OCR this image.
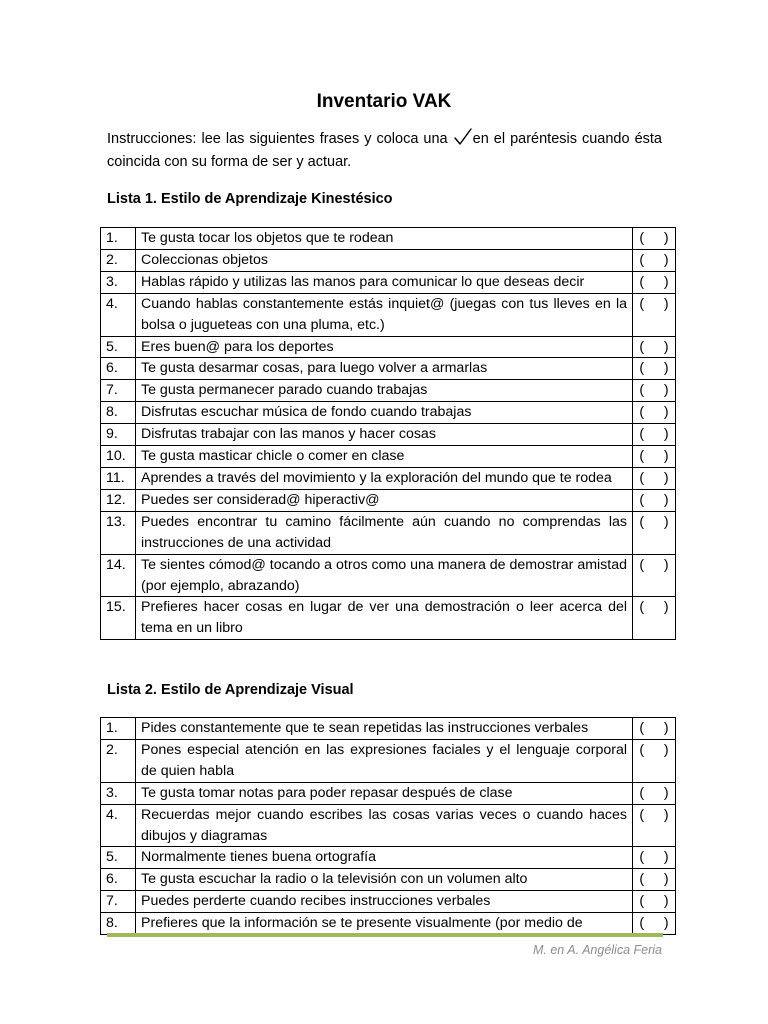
Inventario VAK
Instrucciones: lee las siguientes frases y coloca una en el paréntesis cuando ésta coincida con su forma de ser y actuar.
Lista 1. Estilo de Aprendizaje Kinestésico
1.	Te gusta tocar los objetos que te rodean	(     )
2.	Coleccionas objetos	(     )
3.	Hablas rápido y utilizas las manos para comunicar lo que deseas decir	(     )
4.	Cuando hablas constantemente estás inquiet@ (juegas con tus lleves en la bolsa o jugueteas con una pluma, etc.)	(     )
5.	Eres buen@ para los deportes	(     )
6.	Te gusta desarmar cosas, para luego volver a armarlas	(     )
7.	Te gusta permanecer parado cuando trabajas	(     )
8.	Disfrutas escuchar música de fondo cuando trabajas	(     )
9.	Disfrutas trabajar con las manos y hacer cosas	(     )
10.	Te gusta masticar chicle o comer en clase	(     )
11.	Aprendes a través del movimiento y la exploración del mundo que te rodea	(     )
12.	Puedes ser considerad@ hiperactiv@	(     )
13.	Puedes encontrar tu camino fácilmente aún cuando no comprendas las instrucciones de una actividad	(     )
14.	Te sientes cómod@ tocando a otros como una manera de demostrar amistad (por ejemplo, abrazando)	(     )
15.	Prefieres hacer cosas en lugar de ver una demostración o leer acerca del tema en un libro	(     )
Lista 2. Estilo de Aprendizaje Visual
1.	Pides constantemente que te sean repetidas las instrucciones verbales	(     )
2.	Pones especial atención en las expresiones faciales y el lenguaje corporal de quien habla	(     )
3.	Te gusta tomar notas para poder repasar después de clase	(     )
4.	Recuerdas mejor cuando escribes las cosas varias veces o cuando haces dibujos y diagramas	(     )
5.	Normalmente tienes buena ortografía	(     )
6.	Te gusta escuchar la radio o la televisión con un volumen alto	(     )
7.	Puedes perderte cuando recibes instrucciones verbales	(     )
8.	Prefieres que la información se te presente visualmente (por medio de	(     )
M. en A. Angélica Feria
